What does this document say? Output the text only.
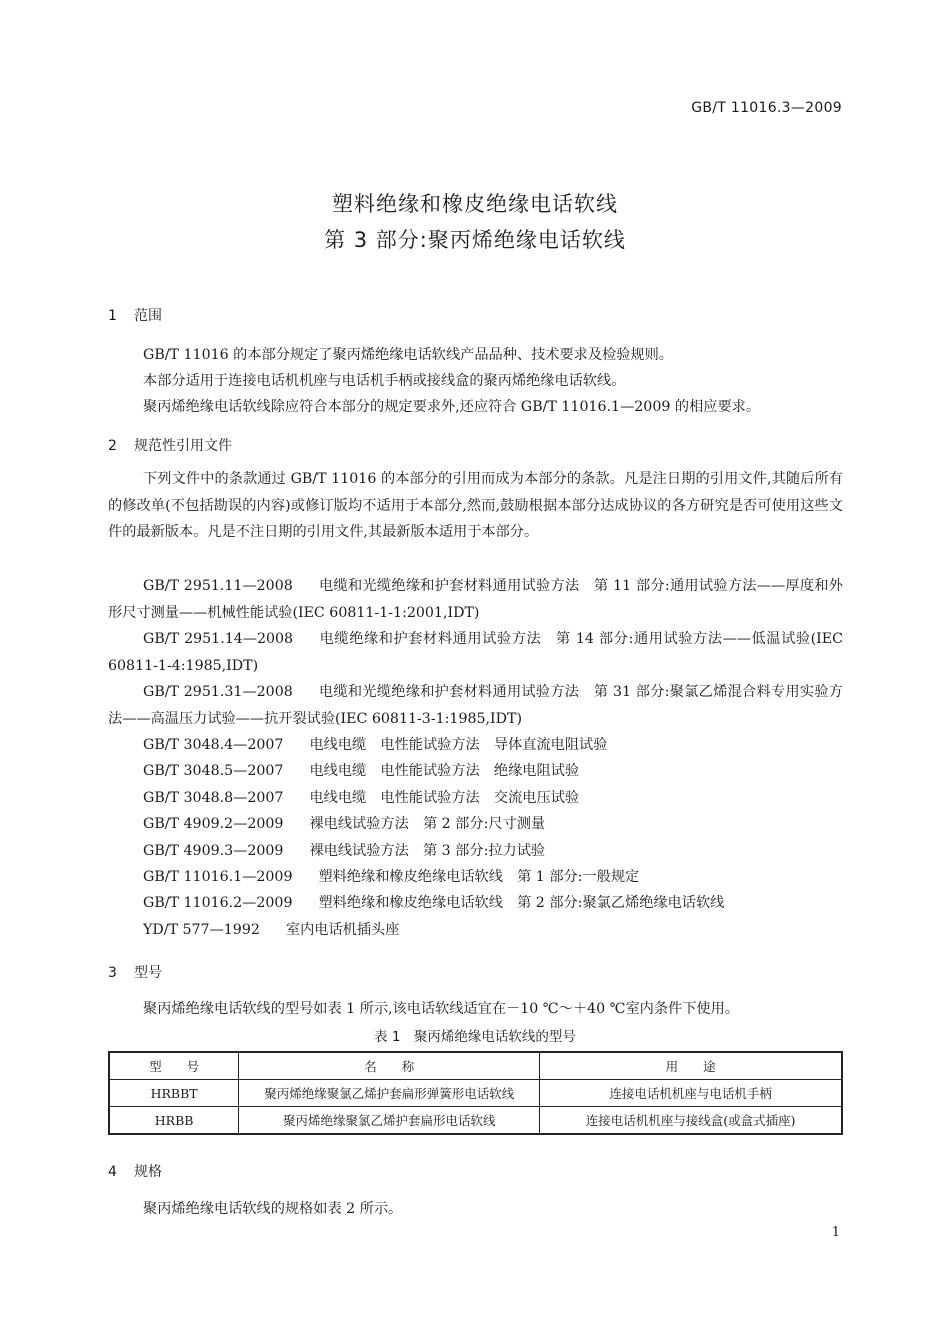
GB/T 11016.3—2009
塑料绝缘和橡皮绝缘电话软线
第 3 部分:聚丙烯绝缘电话软线
1 范围
GB/T 11016 的本部分规定了聚丙烯绝缘电话软线产品品种、技术要求及检验规则。
本部分适用于连接电话机机座与电话机手柄或接线盒的聚丙烯绝缘电话软线。
聚丙烯绝缘电话软线除应符合本部分的规定要求外,还应符合 GB/T 11016.1—2009 的相应要求。
2 规范性引用文件
下列文件中的条款通过 GB/T 11016 的本部分的引用而成为本部分的条款。凡是注日期的引用文件,其随后所有的修改单(不包括勘误的内容)或修订版均不适用于本部分,然而,鼓励根据本部分达成协议的各方研究是否可使用这些文件的最新版本。凡是不注日期的引用文件,其最新版本适用于本部分。
GB/T 2951.11—2008 电缆和光缆绝缘和护套材料通用试验方法　第 11 部分:通用试验方法——厚度和外形尺寸测量——机械性能试验(IEC 60811-1-1:2001,IDT)
GB/T 2951.14—2008 电缆绝缘和护套材料通用试验方法　第 14 部分:通用试验方法——低温试验(IEC 60811-1-4:1985,IDT)
GB/T 2951.31—2008 电缆和光缆绝缘和护套材料通用试验方法　第 31 部分:聚氯乙烯混合料专用实验方法——高温压力试验——抗开裂试验(IEC 60811-3-1:1985,IDT)
GB/T 3048.4—2007 电线电缆　电性能试验方法　导体直流电阻试验
GB/T 3048.5—2007 电线电缆　电性能试验方法　绝缘电阻试验
GB/T 3048.8—2007 电线电缆　电性能试验方法　交流电压试验
GB/T 4909.2—2009 裸电线试验方法　第 2 部分:尺寸测量
GB/T 4909.3—2009 裸电线试验方法　第 3 部分:拉力试验
GB/T 11016.1—2009 塑料绝缘和橡皮绝缘电话软线　第 1 部分:一般规定
GB/T 11016.2—2009 塑料绝缘和橡皮绝缘电话软线　第 2 部分:聚氯乙烯绝缘电话软线
YD/T 577—1992 室内电话机插头座
3 型号
聚丙烯绝缘电话软线的型号如表 1 所示,该电话软线适宜在－10 ℃～＋40 ℃室内条件下使用。
表 1　聚丙烯绝缘电话软线的型号
型　　号	名　　称	用　　途
HRBBT	聚丙烯绝缘聚氯乙烯护套扁形弹簧形电话软线	连接电话机机座与电话机手柄
HRBB	聚丙烯绝缘聚氯乙烯护套扁形电话软线	连接电话机机座与接线盒(或盒式插座)
4 规格
聚丙烯绝缘电话软线的规格如表 2 所示。
1
